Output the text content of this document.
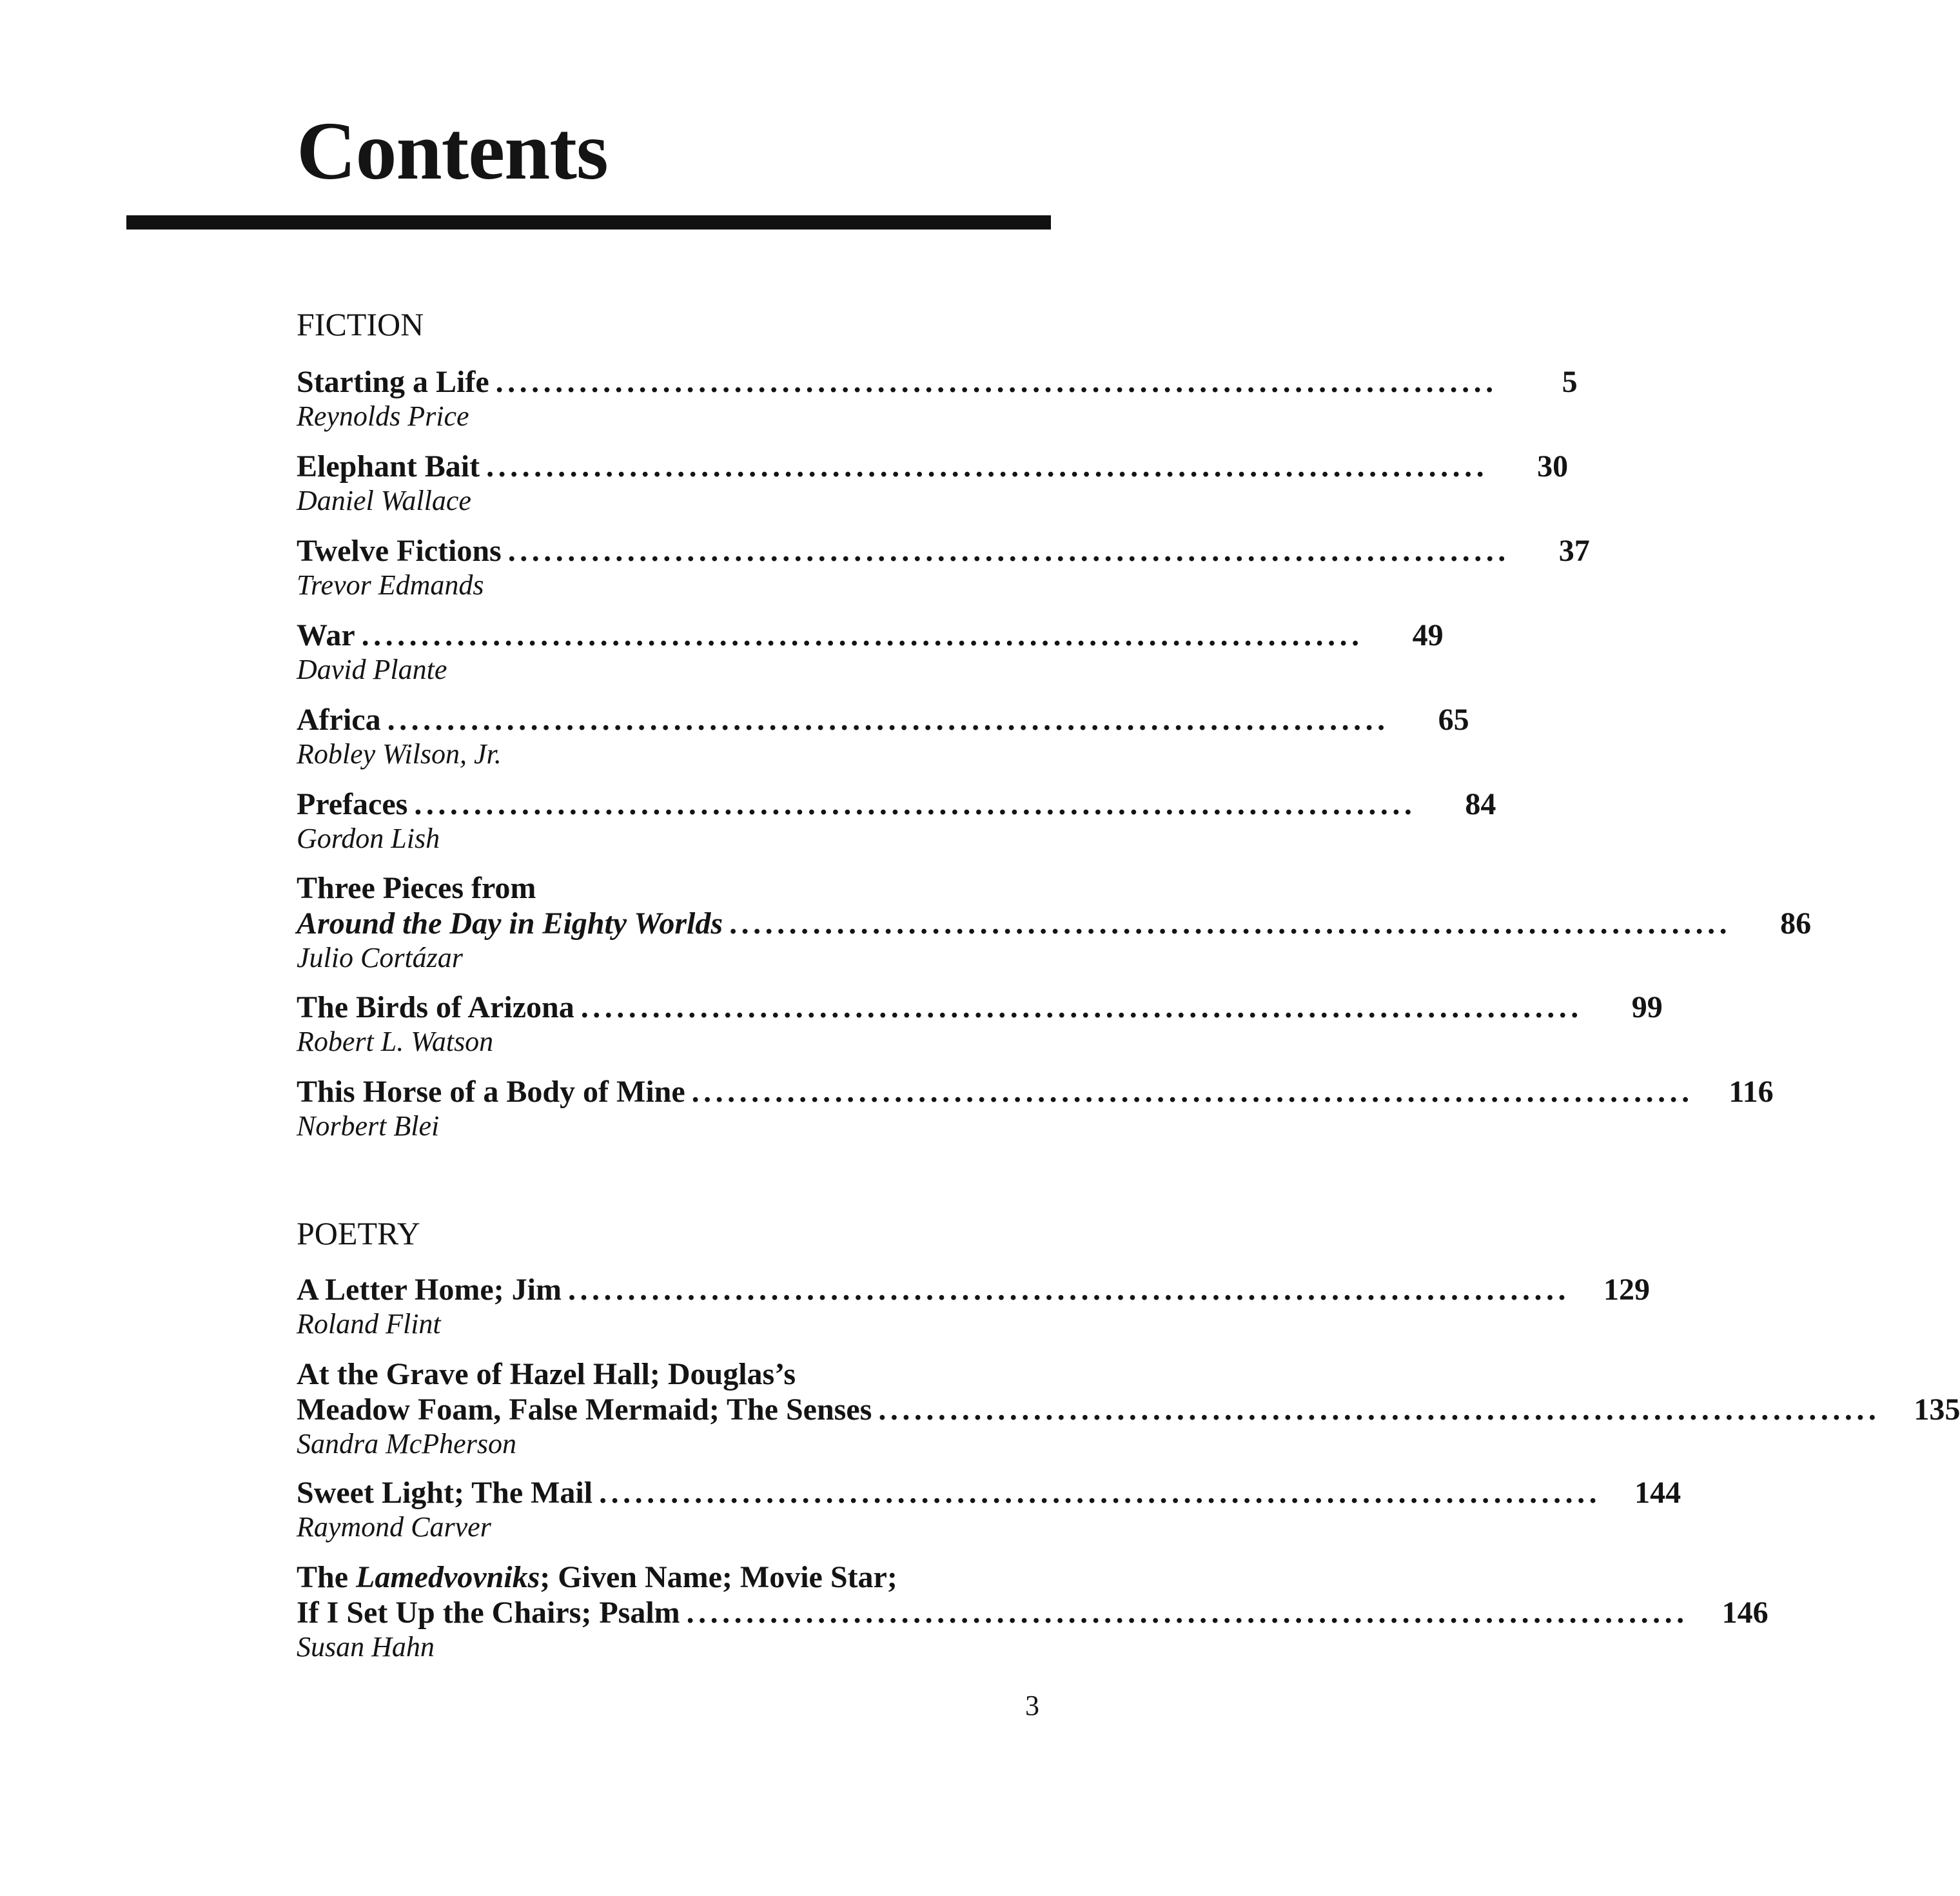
Contents
FICTION
Starting a Life ....................................................................................	5
Reynolds Price
Elephant Bait ....................................................................................	30
Daniel Wallace
Twelve Fictions ....................................................................................	37
Trevor Edmands
War ....................................................................................	49
David Plante
Africa ....................................................................................	65
Robley Wilson, Jr.
Prefaces ....................................................................................	84
Gordon Lish
Three Pieces from
Around the Day in Eighty Worlds ....................................................................................	86
Julio Cortázar
The Birds of Arizona ....................................................................................	99
Robert L. Watson
This Horse of a Body of Mine ....................................................................................	116
Norbert Blei
POETRY
A Letter Home; Jim ....................................................................................	129
Roland Flint
At the Grave of Hazel Hall; Douglas’s
Meadow Foam, False Mermaid; The Senses ....................................................................................	135
Sandra McPherson
Sweet Light; The Mail ....................................................................................	144
Raymond Carver
The Lamedvovniks; Given Name; Movie Star;
If I Set Up the Chairs; Psalm ....................................................................................	146
Susan Hahn
3
